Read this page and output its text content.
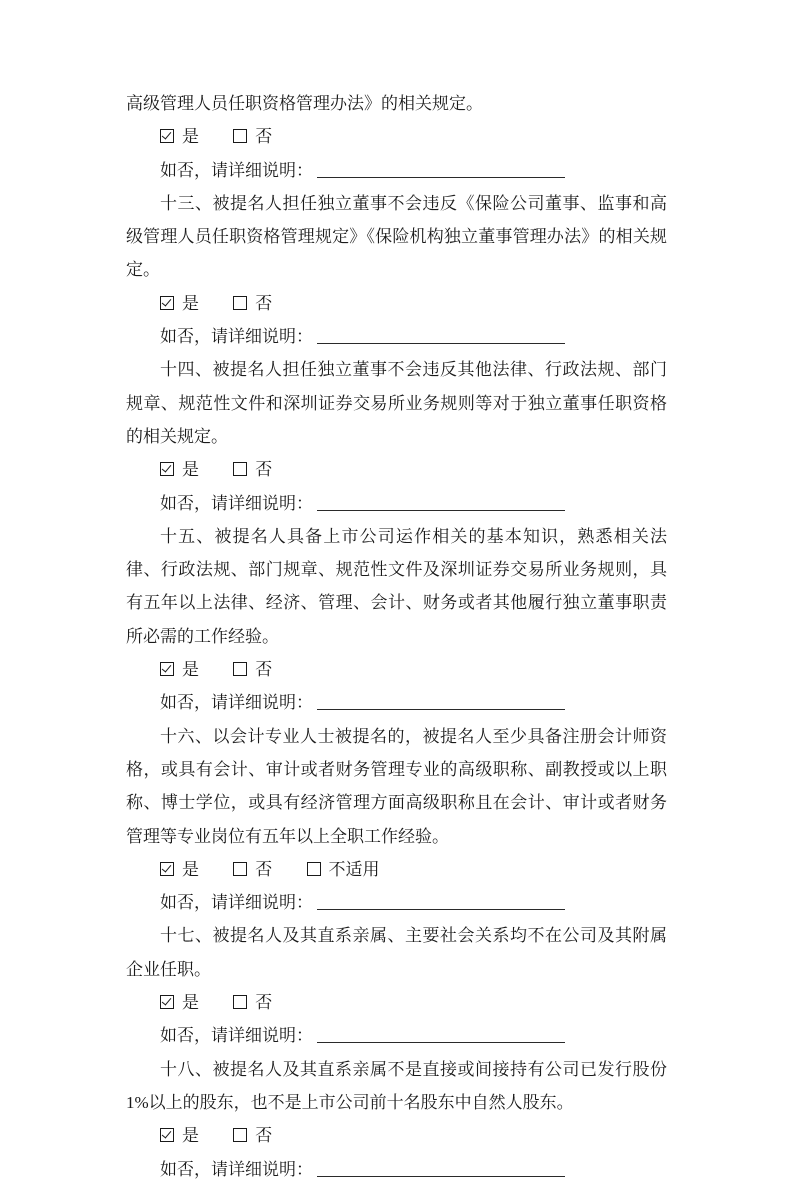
高级管理人员任职资格管理办法》的相关规定。

是	否
如否，请详细说明：

十三、被提名人担任独立董事不会违反《保险公司董事、监事和高级管理人员任职资格管理规定》《保险机构独立董事管理办法》的相关规定。

是	否
如否，请详细说明：

十四、被提名人担任独立董事不会违反其他法律、行政法规、部门规章、规范性文件和深圳证券交易所业务规则等对于独立董事任职资格的相关规定。

是	否
如否，请详细说明：

十五、被提名人具备上市公司运作相关的基本知识，熟悉相关法律、行政法规、部门规章、规范性文件及深圳证券交易所业务规则，具有五年以上法律、经济、管理、会计、财务或者其他履行独立董事职责所必需的工作经验。

是	否
如否，请详细说明：

十六、以会计专业人士被提名的，被提名人至少具备注册会计师资格，或具有会计、审计或者财务管理专业的高级职称、副教授或以上职称、博士学位，或具有经济管理方面高级职称且在会计、审计或者财务管理等专业岗位有五年以上全职工作经验。

是	否	不适用
如否，请详细说明：

十七、被提名人及其直系亲属、主要社会关系均不在公司及其附属企业任职。

是	否
如否，请详细说明：

十八、被提名人及其直系亲属不是直接或间接持有公司已发行股份 1%以上的股东，也不是上市公司前十名股东中自然人股东。

是	否
如否，请详细说明：
